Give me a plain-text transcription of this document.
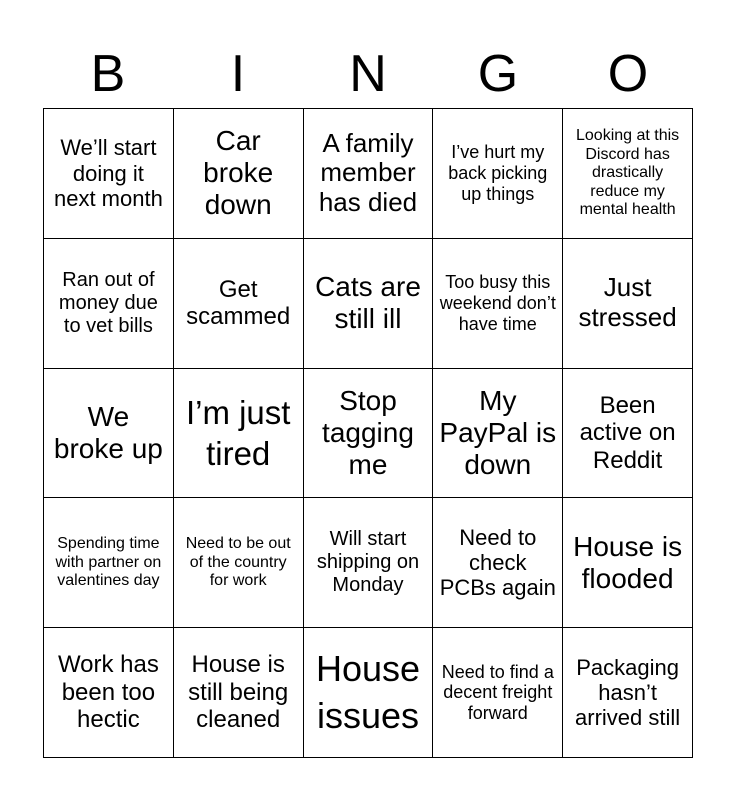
B	I	N	G	O
We’ll start doing it next month
Car broke down
A family member has died
I’ve hurt my back picking up things
Looking at this Discord has drastically reduce my mental health
Ran out of money due to vet bills
Get scammed
Cats are still ill
Too busy this weekend don’t have time
Just stressed
We broke up
I’m just tired
Stop tagging me
My PayPal is down
Been active on Reddit
Spending time with partner on valentines day
Need to be out of the country for work
Will start shipping on Monday
Need to check PCBs again
House is flooded
Work has been too hectic
House is still being cleaned
House issues
Need to find a decent freight forward
Packaging hasn’t arrived still
